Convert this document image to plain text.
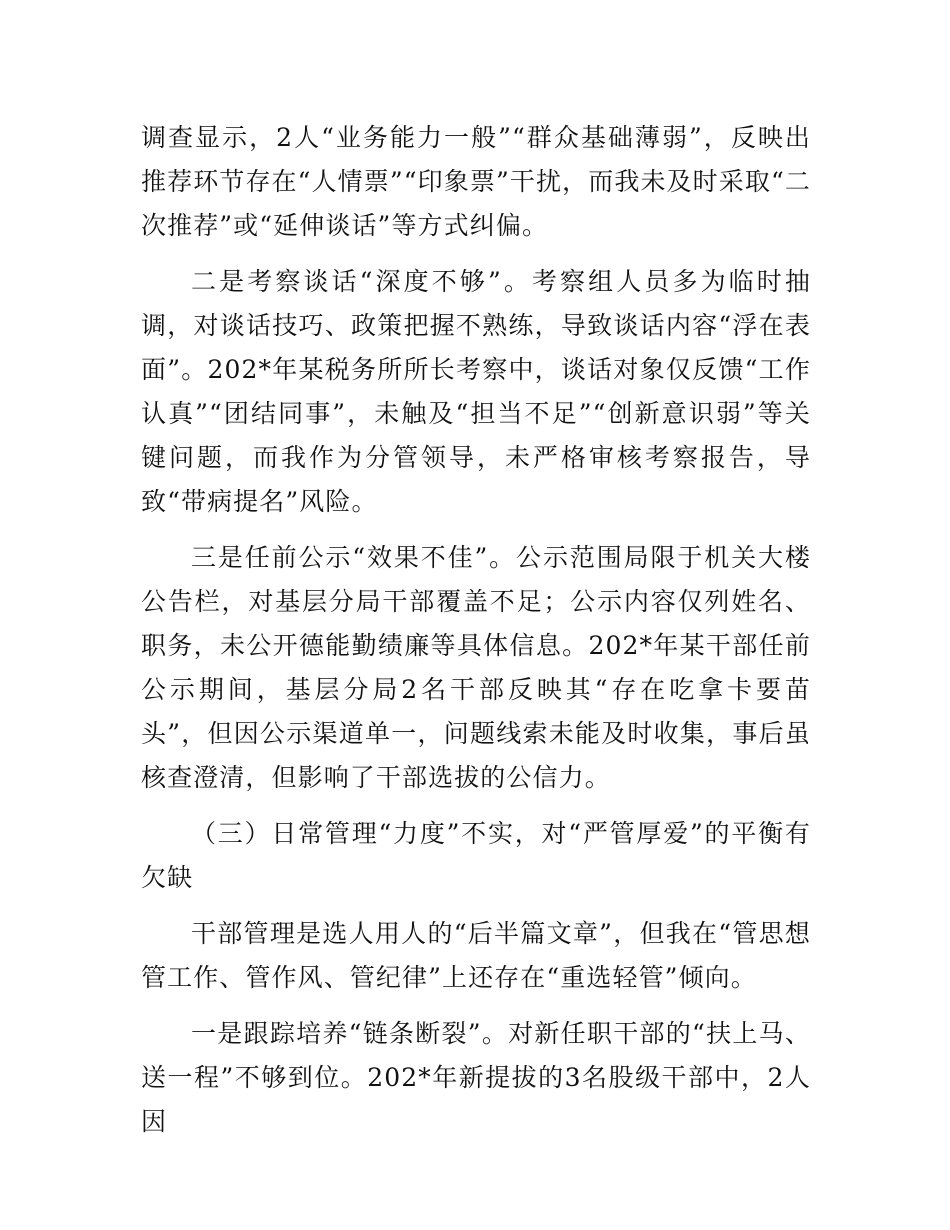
调查显示，2人“业务能力一般”“群众基础薄弱”，反映出推荐环节存在“人情票”“印象票”干扰，而我未及时采取“二次推荐”或“延伸谈话”等方式纠偏。

二是考察谈话“深度不够”。考察组人员多为临时抽调，对谈话技巧、政策把握不熟练，导致谈话内容“浮在表面”。202*年某税务所所长考察中，谈话对象仅反馈“工作认真”“团结同事”，未触及“担当不足”“创新意识弱”等关键问题，而我作为分管领导，未严格审核考察报告，导致“带病提名”风险。

三是任前公示“效果不佳”。公示范围局限于机关大楼公告栏，对基层分局干部覆盖不足；公示内容仅列姓名、职务，未公开德能勤绩廉等具体信息。202*年某干部任前公示期间，基层分局2名干部反映其“存在吃拿卡要苗头”，但因公示渠道单一，问题线索未能及时收集，事后虽核查澄清，但影响了干部选拔的公信力。

（三）日常管理“力度”不实，对“严管厚爱”的平衡有欠缺

干部管理是选人用人的“后半篇文章”，但我在“管思想管工作、管作风、管纪律”上还存在“重选轻管”倾向。

一是跟踪培养“链条断裂”。对新任职干部的“扶上马、送一程”不够到位。202*年新提拔的3名股级干部中，2人因
